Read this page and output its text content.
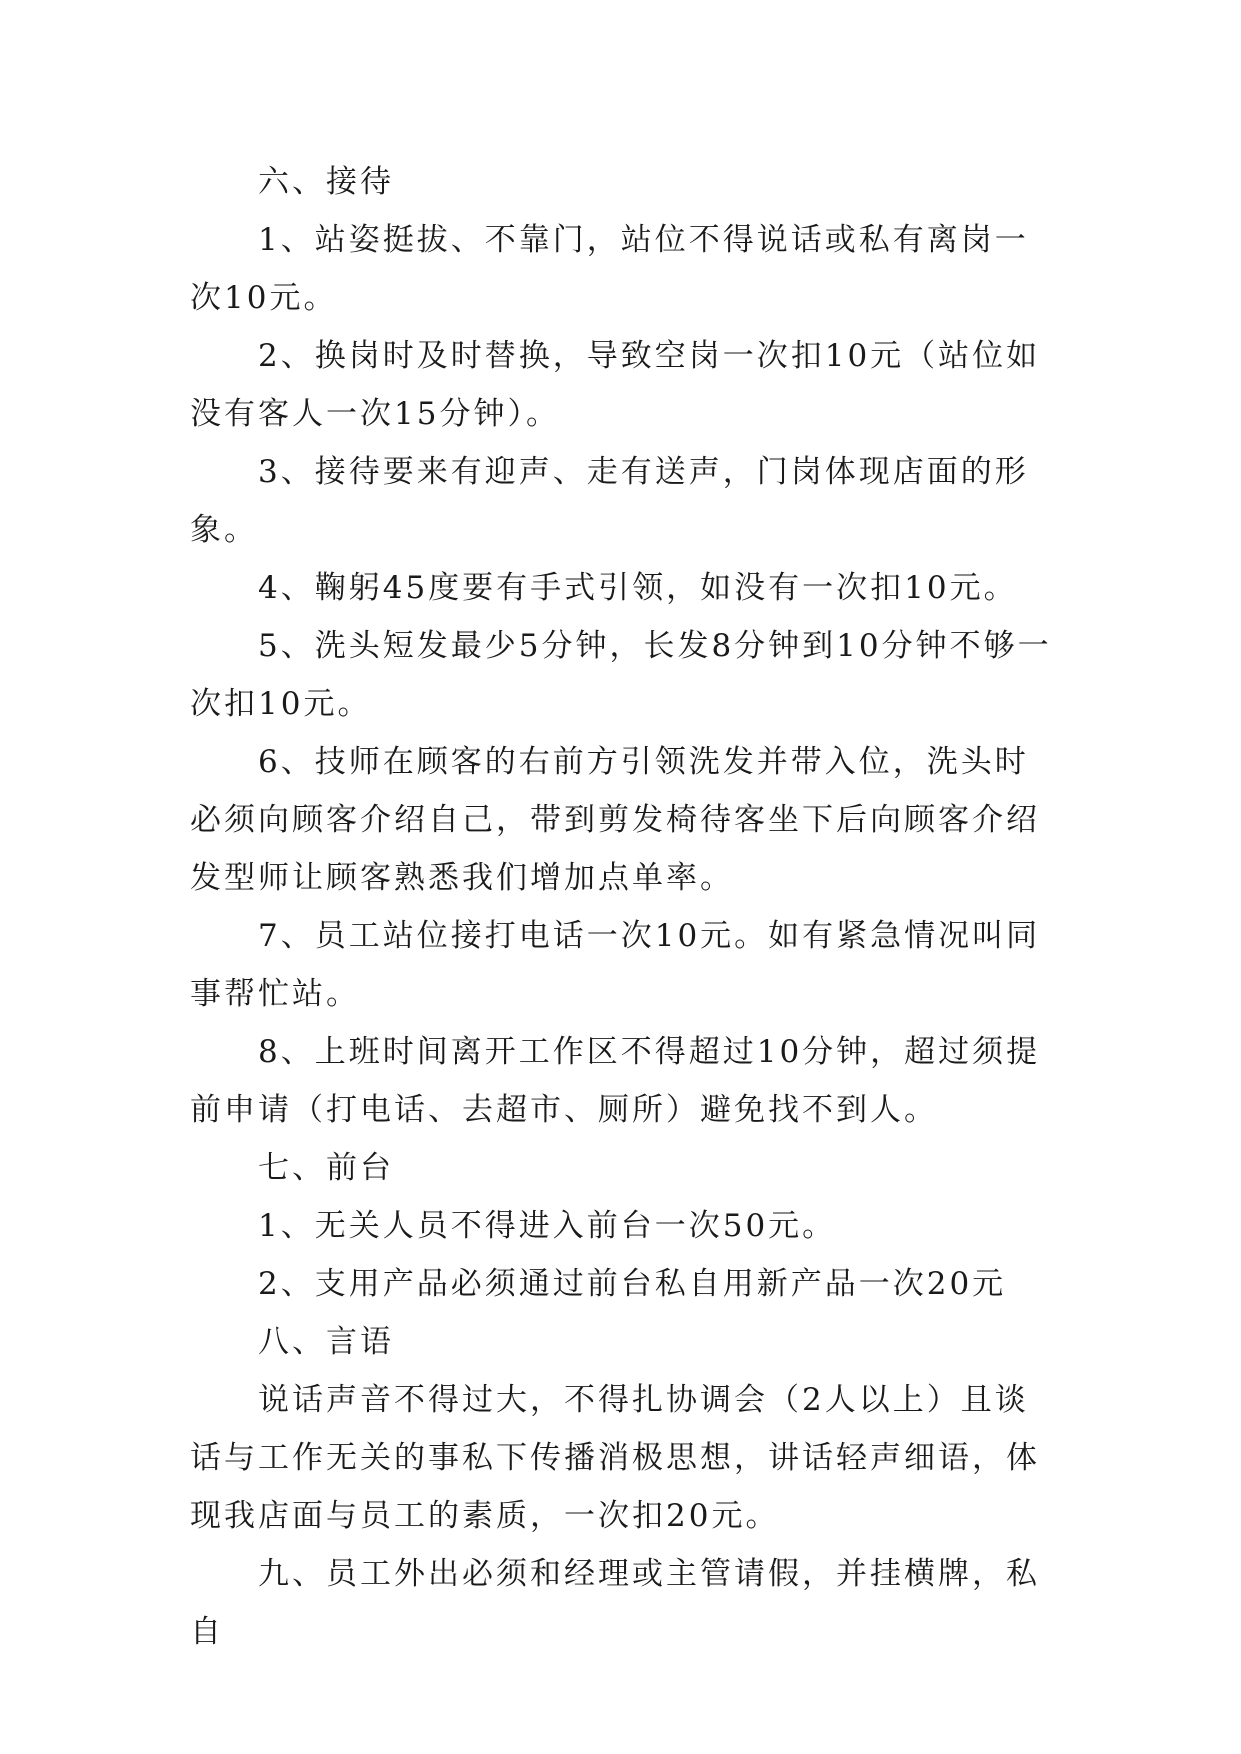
六、接待

1、站姿挺拔、不靠门，站位不得说话或私有离岗一次10元。

2、换岗时及时替换，导致空岗一次扣10元（站位如没有客人一次15分钟）。

3、接待要来有迎声、走有送声，门岗体现店面的形象。

4、鞠躬45度要有手式引领，如没有一次扣10元。

5、洗头短发最少5分钟，长发8分钟到10分钟不够一次扣10元。

6、技师在顾客的右前方引领洗发并带入位，洗头时必须向顾客介绍自己，带到剪发椅待客坐下后向顾客介绍发型师让顾客熟悉我们增加点单率。

7、员工站位接打电话一次10元。如有紧急情况叫同事帮忙站。

8、上班时间离开工作区不得超过10分钟，超过须提前申请（打电话、去超市、厕所）避免找不到人。

七、前台

1、无关人员不得进入前台一次50元。

2、支用产品必须通过前台私自用新产品一次20元

八、言语

说话声音不得过大，不得扎协调会（2人以上）且谈话与工作无关的事私下传播消极思想，讲话轻声细语，体现我店面与员工的素质，一次扣20元。

九、员工外出必须和经理或主管请假，并挂横牌，私自
